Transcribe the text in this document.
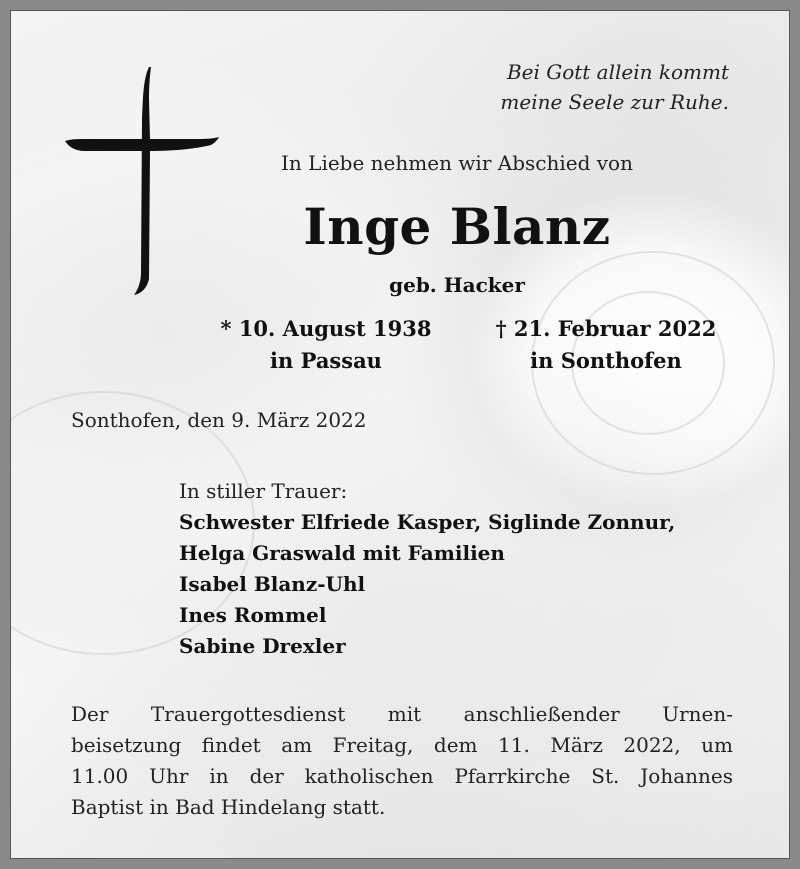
Bei Gott allein kommt
meine Seele zur Ruhe.
In Liebe nehmen wir Abschied von
Inge Blanz
geb. Hacker
* 10. August 1938
in Passau
† 21. Februar 2022
in Sonthofen
Sonthofen, den 9. März 2022
In stiller Trauer:
Schwester Elfriede Kasper, Siglinde Zonnur,
Helga Graswald mit Familien
Isabel Blanz-Uhl
Ines Rommel
Sabine Drexler
Der Trauergottesdienst mit anschließender Urnen-
beisetzung findet am Freitag, dem 11. März 2022, um
11.00 Uhr in der katholischen Pfarrkirche St. Johannes
Baptist in Bad Hindelang statt.
